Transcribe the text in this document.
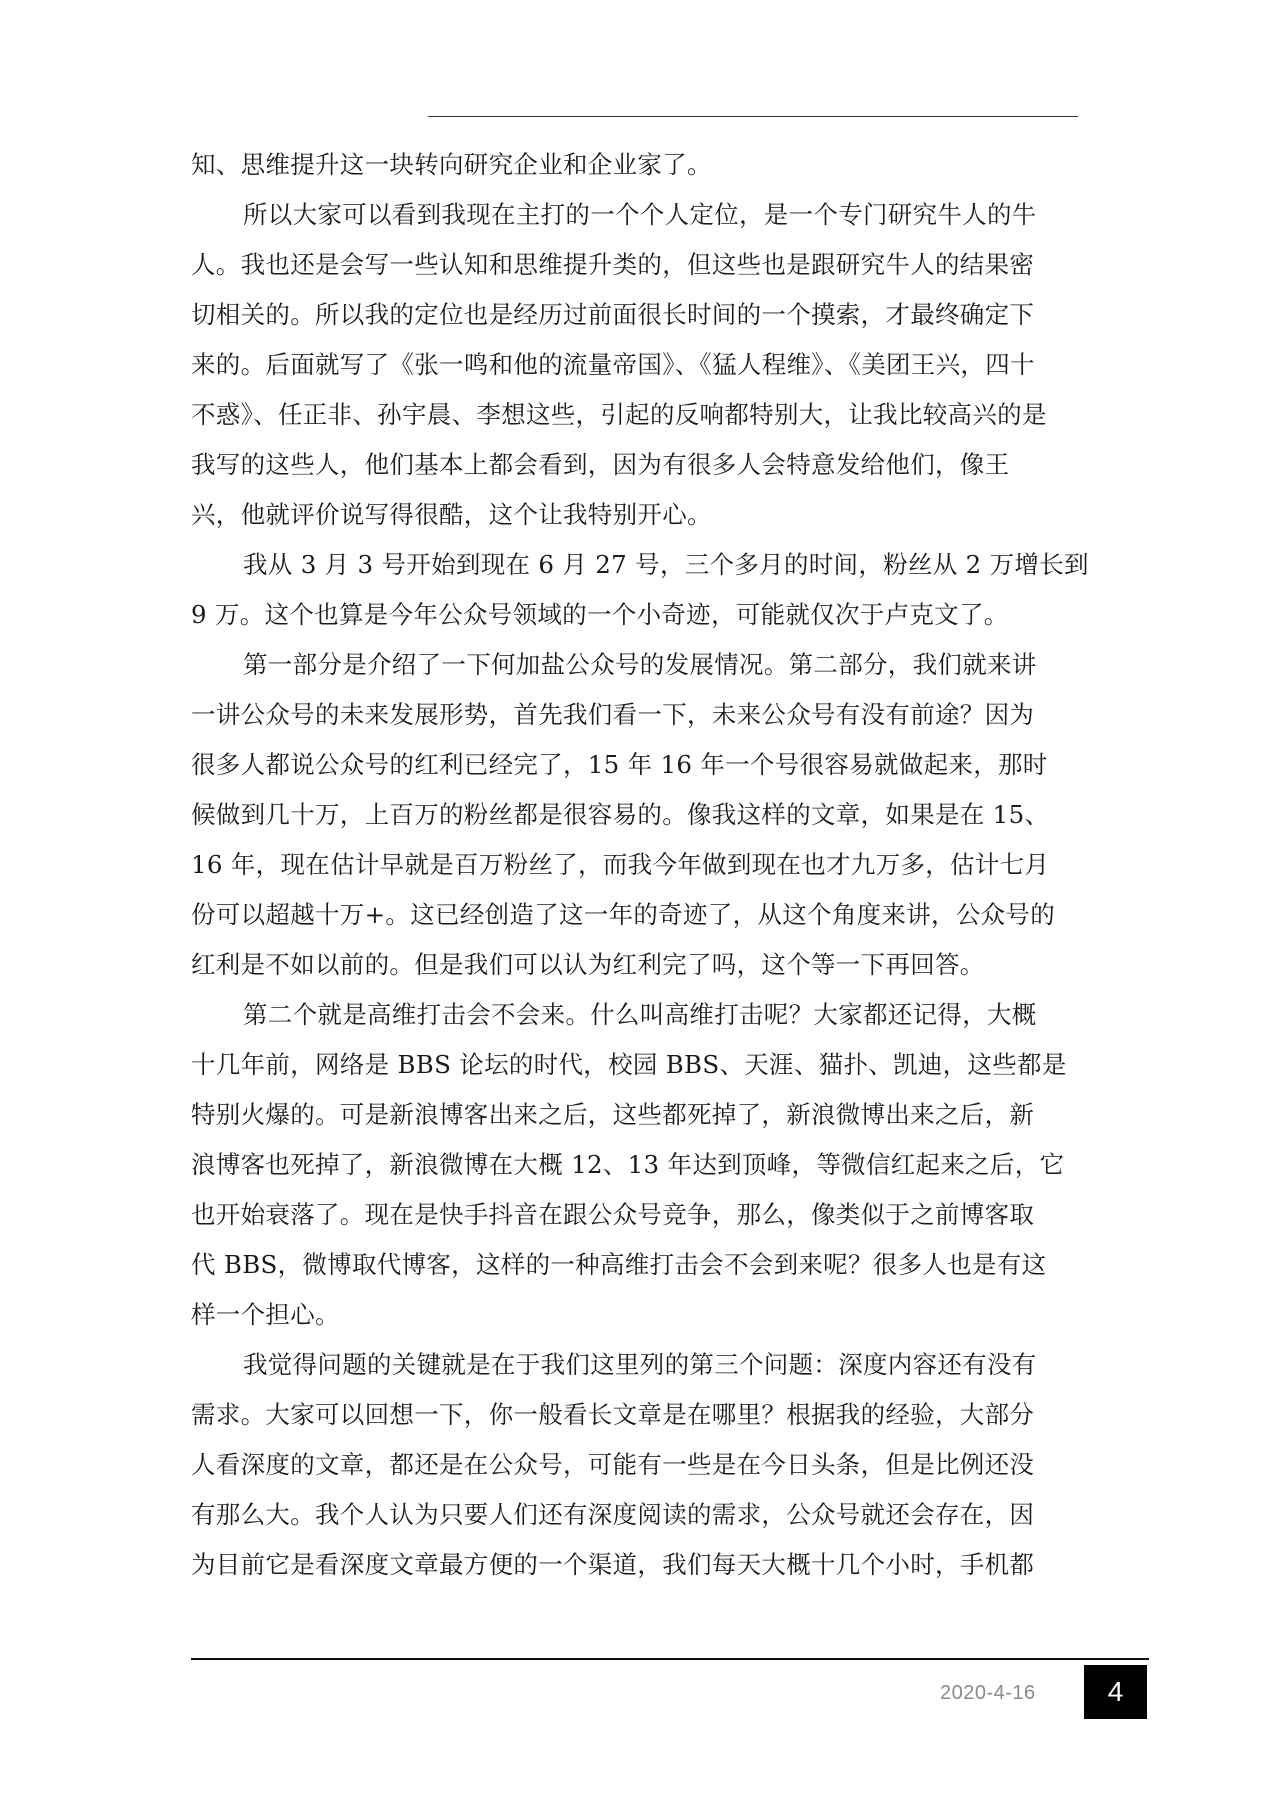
知、思维提升这一块转向研究企业和企业家了。
所以大家可以看到我现在主打的一个个人定位，是一个专门研究牛人的牛
人。我也还是会写一些认知和思维提升类的，但这些也是跟研究牛人的结果密
切相关的。所以我的定位也是经历过前面很长时间的一个摸索，才最终确定下
来的。后面就写了《张一鸣和他的流量帝国》、《猛人程维》、《美团王兴，四十
不惑》、任正非、孙宇晨、李想这些，引起的反响都特别大，让我比较高兴的是
我写的这些人，他们基本上都会看到，因为有很多人会特意发给他们，像王
兴，他就评价说写得很酷，这个让我特别开心。
我从 3 月 3 号开始到现在 6 月 27 号，三个多月的时间，粉丝从 2 万增长到
9 万。这个也算是今年公众号领域的一个小奇迹，可能就仅次于卢克文了。
第一部分是介绍了一下何加盐公众号的发展情况。第二部分，我们就来讲
一讲公众号的未来发展形势，首先我们看一下，未来公众号有没有前途？因为
很多人都说公众号的红利已经完了，15 年 16 年一个号很容易就做起来，那时
候做到几十万，上百万的粉丝都是很容易的。像我这样的文章，如果是在 15、
16 年，现在估计早就是百万粉丝了，而我今年做到现在也才九万多，估计七月
份可以超越十万+。这已经创造了这一年的奇迹了，从这个角度来讲，公众号的
红利是不如以前的。但是我们可以认为红利完了吗，这个等一下再回答。
第二个就是高维打击会不会来。什么叫高维打击呢？大家都还记得，大概
十几年前，网络是 BBS 论坛的时代，校园 BBS、天涯、猫扑、凯迪，这些都是
特别火爆的。可是新浪博客出来之后，这些都死掉了，新浪微博出来之后，新
浪博客也死掉了，新浪微博在大概 12、13 年达到顶峰，等微信红起来之后，它
也开始衰落了。现在是快手抖音在跟公众号竞争，那么，像类似于之前博客取
代 BBS，微博取代博客，这样的一种高维打击会不会到来呢？很多人也是有这
样一个担心。
我觉得问题的关键就是在于我们这里列的第三个问题：深度内容还有没有
需求。大家可以回想一下，你一般看长文章是在哪里？根据我的经验，大部分
人看深度的文章，都还是在公众号，可能有一些是在今日头条，但是比例还没
有那么大。我个人认为只要人们还有深度阅读的需求，公众号就还会存在，因
为目前它是看深度文章最方便的一个渠道，我们每天大概十几个小时，手机都
2020-4-16	4
